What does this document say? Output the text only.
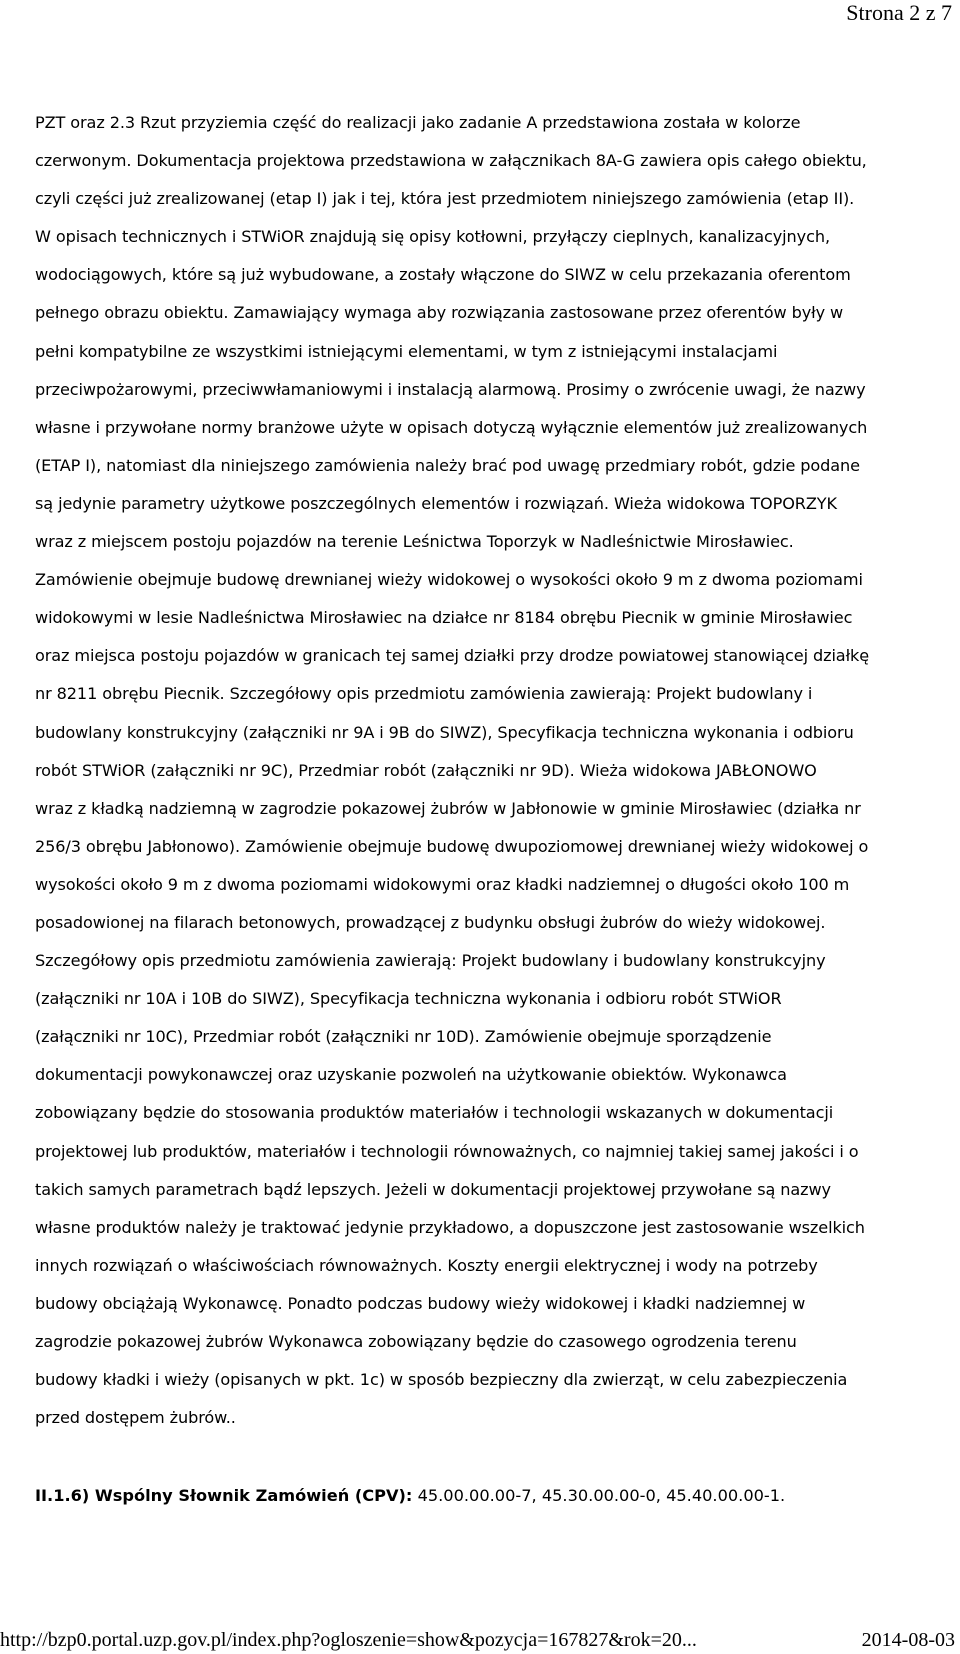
Strona 2 z 7
PZT oraz 2.3 Rzut przyziemia część do realizacji jako zadanie A przedstawiona została w kolorze
czerwonym. Dokumentacja projektowa przedstawiona w załącznikach 8A-G zawiera opis całego obiektu,
czyli części już zrealizowanej (etap I) jak i tej, która jest przedmiotem niniejszego zamówienia (etap II).
W opisach technicznych i STWiOR znajdują się opisy kotłowni, przyłączy cieplnych, kanalizacyjnych,
wodociągowych, które są już wybudowane, a zostały włączone do SIWZ w celu przekazania oferentom
pełnego obrazu obiektu. Zamawiający wymaga aby rozwiązania zastosowane przez oferentów były w
pełni kompatybilne ze wszystkimi istniejącymi elementami, w tym z istniejącymi instalacjami
przeciwpożarowymi, przeciwwłamaniowymi i instalacją alarmową. Prosimy o zwrócenie uwagi, że nazwy
własne i przywołane normy branżowe użyte w opisach dotyczą wyłącznie elementów już zrealizowanych
(ETAP I), natomiast dla niniejszego zamówienia należy brać pod uwagę przedmiary robót, gdzie podane
są jedynie parametry użytkowe poszczególnych elementów i rozwiązań. Wieża widokowa TOPORZYK
wraz z miejscem postoju pojazdów na terenie Leśnictwa Toporzyk w Nadleśnictwie Mirosławiec.
Zamówienie obejmuje budowę drewnianej wieży widokowej o wysokości około 9 m z dwoma poziomami
widokowymi w lesie Nadleśnictwa Mirosławiec na działce nr 8184 obrębu Piecnik w gminie Mirosławiec
oraz miejsca postoju pojazdów w granicach tej samej działki przy drodze powiatowej stanowiącej działkę
nr 8211 obrębu Piecnik. Szczegółowy opis przedmiotu zamówienia zawierają: Projekt budowlany i
budowlany konstrukcyjny (załączniki nr 9A i 9B do SIWZ), Specyfikacja techniczna wykonania i odbioru
robót STWiOR (załączniki nr 9C), Przedmiar robót (załączniki nr 9D). Wieża widokowa JABŁONOWO
wraz z kładką nadziemną w zagrodzie pokazowej żubrów w Jabłonowie w gminie Mirosławiec (działka nr
256/3 obrębu Jabłonowo). Zamówienie obejmuje budowę dwupoziomowej drewnianej wieży widokowej o
wysokości około 9 m z dwoma poziomami widokowymi oraz kładki nadziemnej o długości około 100 m
posadowionej na filarach betonowych, prowadzącej z budynku obsługi żubrów do wieży widokowej.
Szczegółowy opis przedmiotu zamówienia zawierają: Projekt budowlany i budowlany konstrukcyjny
(załączniki nr 10A i 10B do SIWZ), Specyfikacja techniczna wykonania i odbioru robót STWiOR
(załączniki nr 10C), Przedmiar robót (załączniki nr 10D). Zamówienie obejmuje sporządzenie
dokumentacji powykonawczej oraz uzyskanie pozwoleń na użytkowanie obiektów. Wykonawca
zobowiązany będzie do stosowania produktów materiałów i technologii wskazanych w dokumentacji
projektowej lub produktów, materiałów i technologii równoważnych, co najmniej takiej samej jakości i o
takich samych parametrach bądź lepszych. Jeżeli w dokumentacji projektowej przywołane są nazwy
własne produktów należy je traktować jedynie przykładowo, a dopuszczone jest zastosowanie wszelkich
innych rozwiązań o właściwościach równoważnych. Koszty energii elektrycznej i wody na potrzeby
budowy obciążają Wykonawcę. Ponadto podczas budowy wieży widokowej i kładki nadziemnej w
zagrodzie pokazowej żubrów Wykonawca zobowiązany będzie do czasowego ogrodzenia terenu
budowy kładki i wieży (opisanych w pkt. 1c) w sposób bezpieczny dla zwierząt, w celu zabezpieczenia
przed dostępem żubrów..
II.1.6) Wspólny Słownik Zamówień (CPV): 45.00.00.00-7, 45.30.00.00-0, 45.40.00.00-1.
http://bzp0.portal.uzp.gov.pl/index.php?ogloszenie=show&pozycja=167827&rok=20...	2014-08-03
